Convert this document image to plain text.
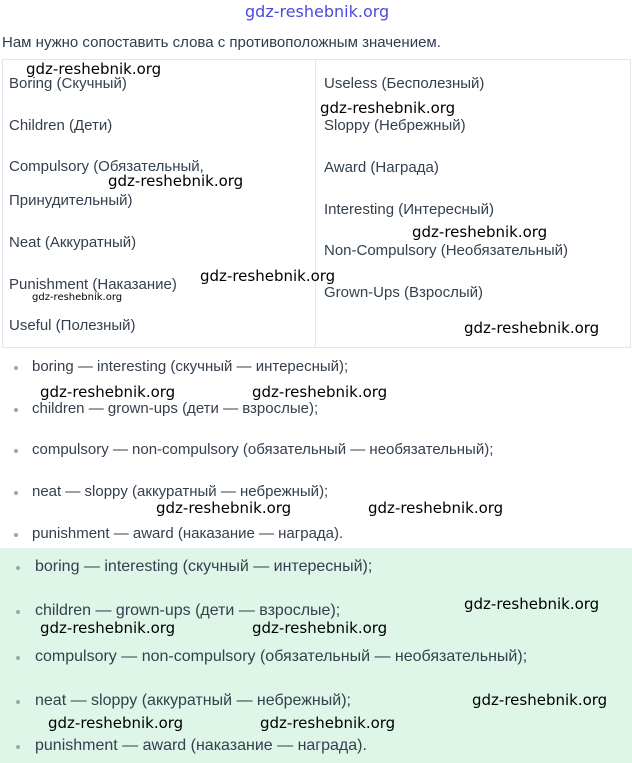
gdz-reshebnik.org
Нам нужно сопоставить слова с противоположным значением.
Boring (Скучный)
Children (Дети)
Compulsory (Обязательный,
Принудительный)
Neat (Аккуратный)
Punishment (Наказание)
Useful (Полезный)
Useless (Бесполезный)
Sloppy (Небрежный)
Award (Награда)
Interesting (Интересный)
Non-Compulsory (Необязательный)
Grown-Ups (Взрослый)
boring — interesting (скучный — интересный);
children — grown-ups (дети — взрослые);
compulsory — non-compulsory (обязательный — необязательный);
neat — sloppy (аккуратный — небрежный);
punishment — award (наказание — награда).
boring — interesting (скучный — интересный);
children — grown-ups (дети — взрослые);
compulsory — non-compulsory (обязательный — необязательный);
neat — sloppy (аккуратный — небрежный);
punishment — award (наказание — награда).
gdz-reshebnik.org
gdz-reshebnik.org
gdz-reshebnik.org
gdz-reshebnik.org
gdz-reshebnik.org
gdz-reshebnik.org
gdz-reshebnik.org
gdz-reshebnik.org	gdz-reshebnik.org
gdz-reshebnik.org	gdz-reshebnik.org
gdz-reshebnik.org
gdz-reshebnik.org	gdz-reshebnik.org
gdz-reshebnik.org
gdz-reshebnik.org	gdz-reshebnik.org
